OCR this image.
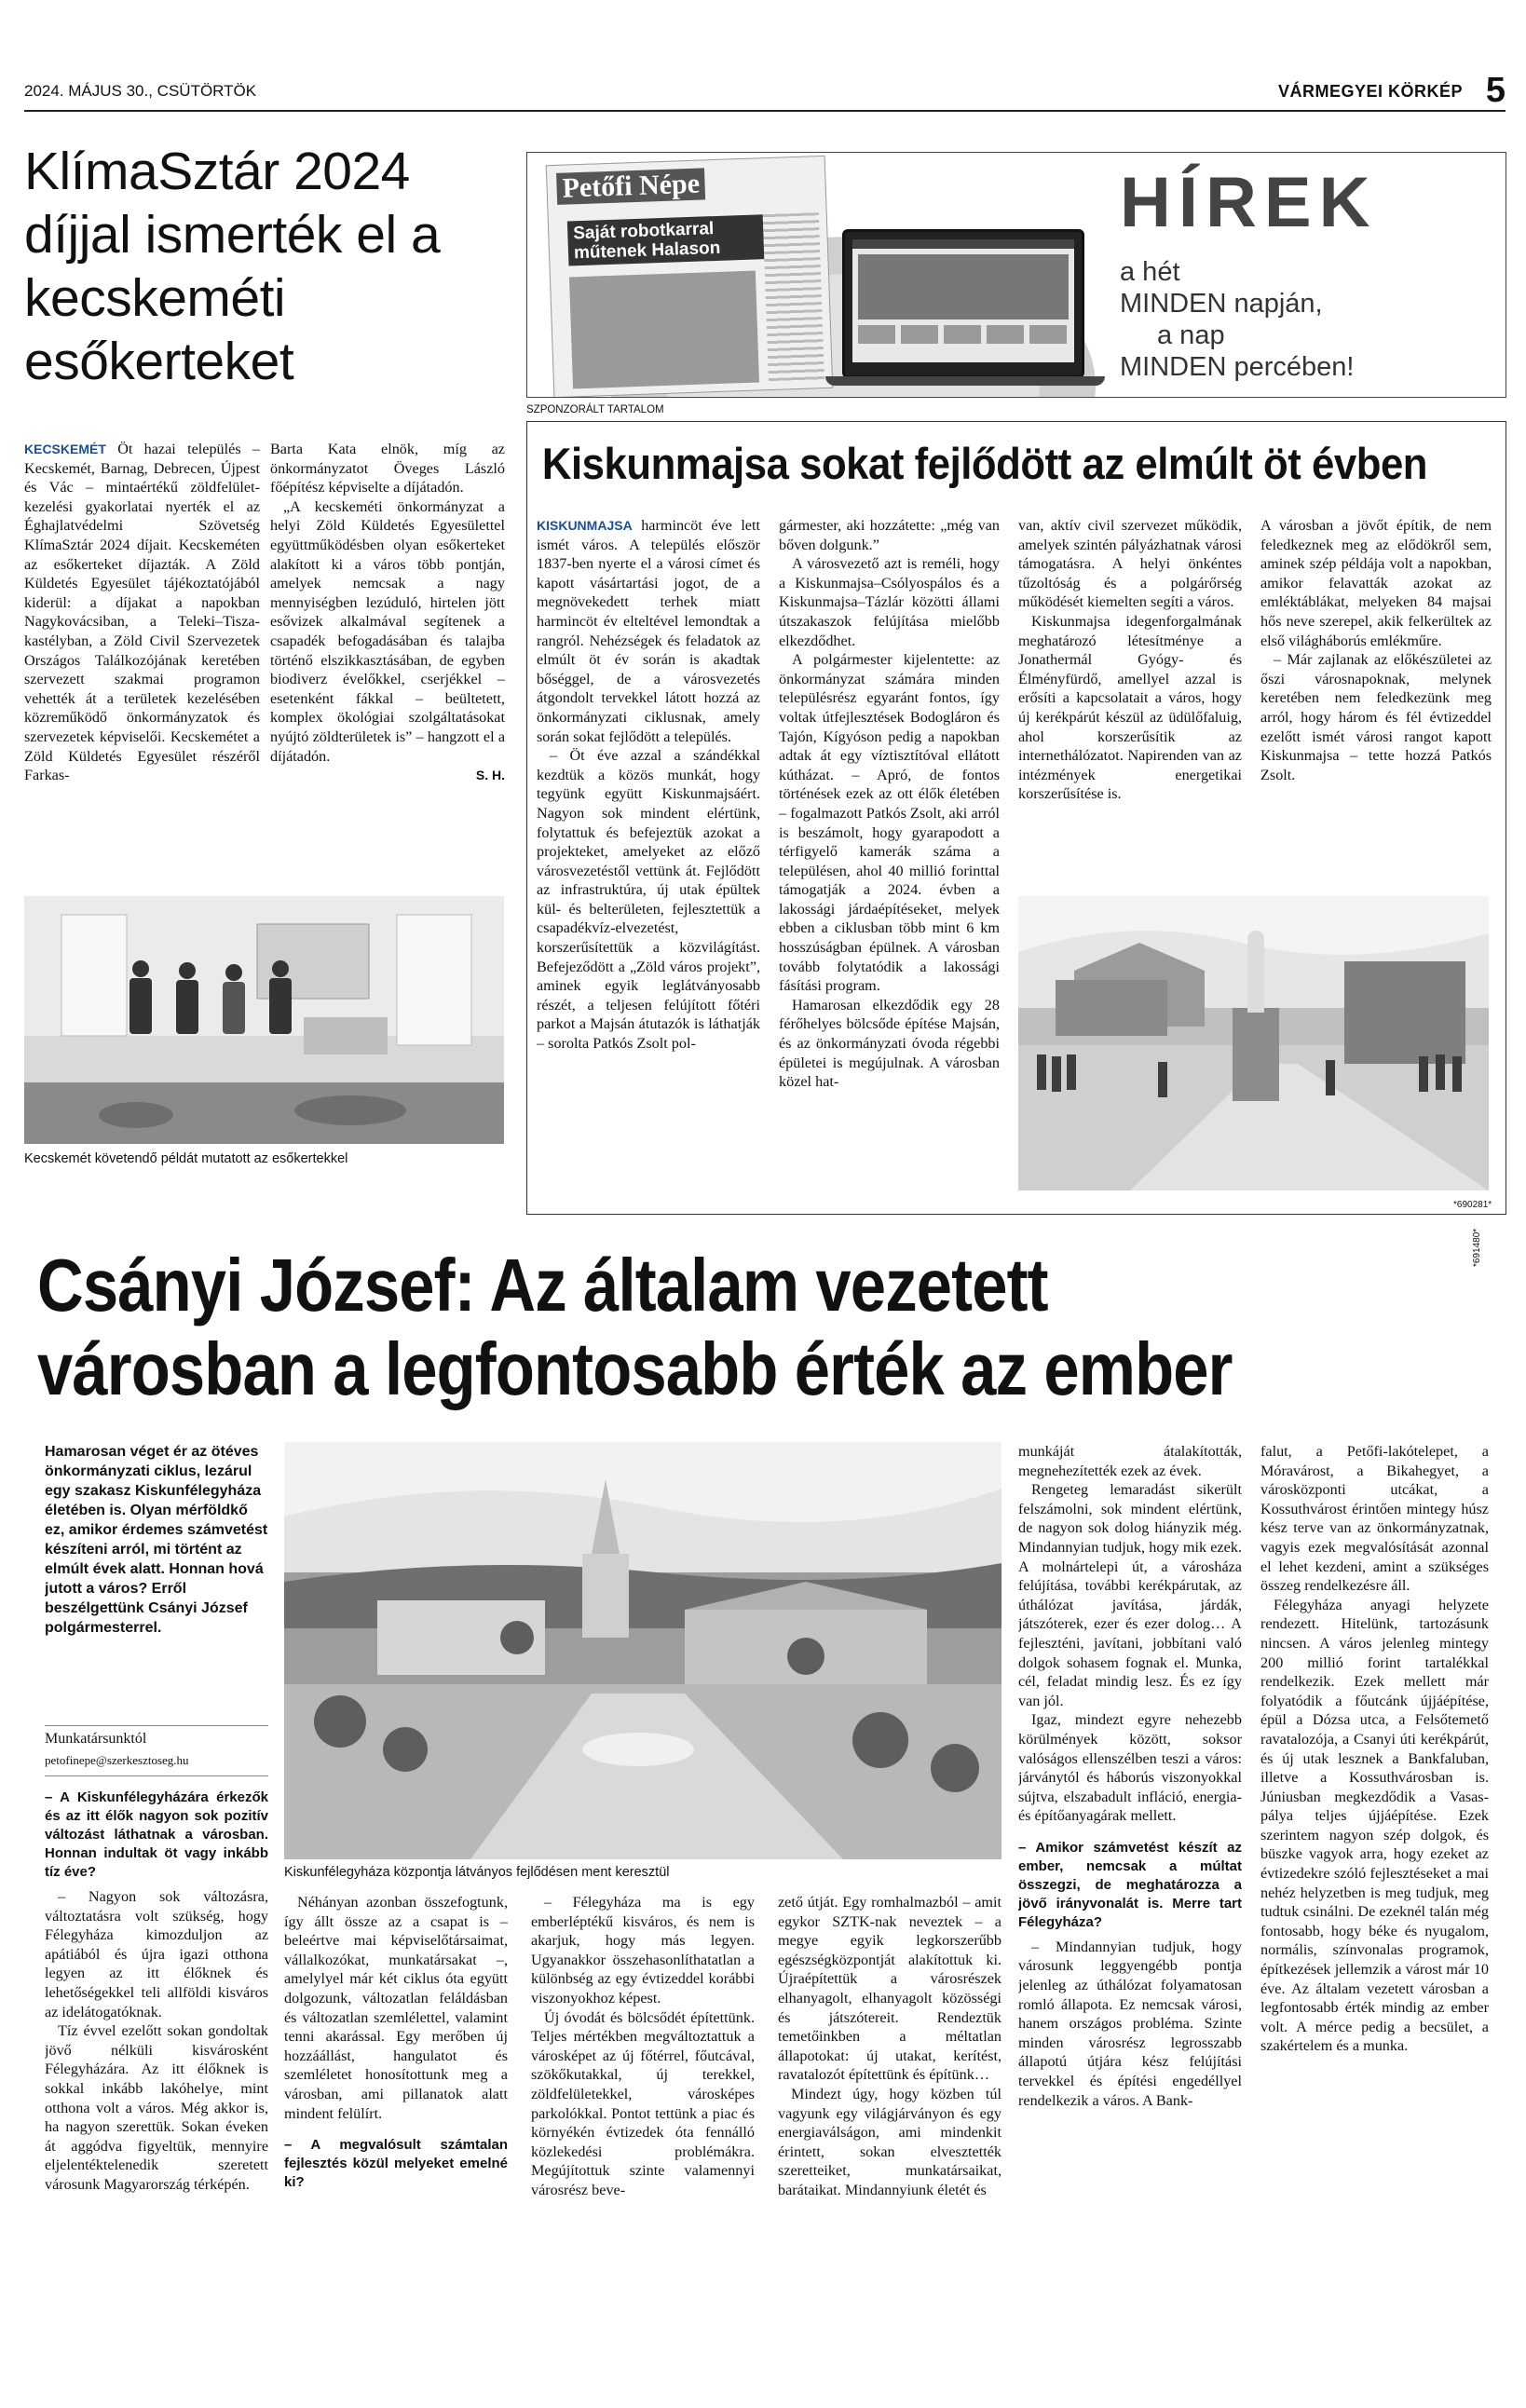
2024. MÁJUS 30., CSÜTÖRTÖK	VÁRMEGYEI KÖRKÉP 5
KlímaSztár 2024 díjjal ismerték el a kecskeméti esőkerteket

KECSKEMÉT Öt hazai település – Kecskemét, Barnag, Debrecen, Újpest és Vác – mintaértékű zöldfelület-kezelési gyakorlatai nyerték el az Éghajlatvédelmi Szövetség KlímaSztár 2024 díjait. Kecskeméten az esőkerteket díjazták. A Zöld Küldetés Egyesület tájékoztatójából kiderül: a díjakat a napokban Nagykovácsiban, a Teleki–Tisza-kastélyban, a Zöld Civil Szervezetek Országos Találkozójának keretében szervezett szakmai programon vehették át a területek kezelésében közreműködő önkormányzatok és szervezetek képviselői. Kecskemétet a Zöld Küldetés Egyesület részéről Farkas-

Barta Kata elnök, míg az önkormányzatot Öveges László főépítész képviselte a díjátadón.

„A kecskeméti önkormányzat a helyi Zöld Küldetés Egyesülettel együttműködésben olyan esőkerteket alakított ki a város több pontján, amelyek nemcsak a nagy mennyiségben lezúduló, hirtelen jött esővizek alkalmával segítenek a csapadék befogadásában és talajba történő elszikkasztásában, de egyben biodiverz évelőkkel, cserjékkel – esetenként fákkal – beültetett, komplex ökológiai szolgáltatásokat nyújtó zöldterületek is” – hangzott el a díjátadón.

S. H.

Kecskemét követendő példát mutatott az esőkertekkel
Petőfi Népe
Saját robotkarral műtenek Halason
HÍREK
a hét
MINDEN napján,
a nap
MINDEN percében!
SZPONZORÁLT TARTALOM
Kiskunmajsa sokat fejlődött az elmúlt öt évben

KISKUNMAJSA harmincöt éve lett ismét város. A település először 1837-ben nyerte el a városi címet és kapott vásártartási jogot, de a megnövekedett terhek miatt harmincöt év elteltével lemondtak a rangról. Nehézségek és feladatok az elmúlt öt év során is akadtak bőséggel, de a városvezetés átgondolt tervekkel látott hozzá az önkormányzati ciklusnak, amely során sokat fejlődött a település.

– Öt éve azzal a szándékkal kezdtük a közös munkát, hogy tegyünk együtt Kiskunmajsáért. Nagyon sok mindent elértünk, folytattuk és befejeztük azokat a projekteket, amelyeket az előző városvezetéstől vettünk át. Fejlődött az infrastruktúra, új utak épültek kül- és belterületen, fejlesztettük a csapadékvíz-elvezetést, korszerűsítettük a közvilágítást. Befejeződött a „Zöld város projekt”, aminek egyik leglátványosabb részét, a teljesen felújított főtéri parkot a Majsán átutazók is láthatják – sorolta Patkós Zsolt pol-

gármester, aki hozzátette: „még van bőven dolgunk.”

A városvezető azt is reméli, hogy a Kiskunmajsa–Csólyospálos és a Kiskunmajsa–Tázlár közötti állami útszakaszok felújítása mielőbb elkezdődhet.

A polgármester kijelentette: az önkormányzat számára minden településrész egyaránt fontos, így voltak útfejlesztések Bodogláron és Tajón, Kígyóson pedig a napokban adtak át egy víztisztítóval ellátott kútházat. – Apró, de fontos történések ezek az ott élők életében – fogalmazott Patkós Zsolt, aki arról is beszámolt, hogy gyarapodott a térfigyelő kamerák száma a településen, ahol 40 millió forinttal támogatják a 2024. évben a lakossági járdaépítéseket, melyek ebben a ciklusban több mint 6 km hosszúságban épülnek. A városban tovább folytatódik a lakossági fásítási program.

Hamarosan elkezdődik egy 28 férőhelyes bölcsőde építése Majsán, és az önkormányzati óvoda régebbi épületei is megújulnak. A városban közel hat-

van, aktív civil szervezet működik, amelyek szintén pályázhatnak városi támogatásra. A helyi önkéntes tűzoltóság és a polgárőrség működését kiemelten segíti a város.

Kiskunmajsa idegenforgalmának meghatározó létesítménye a Jonathermál Gyógy- és Élményfürdő, amellyel azzal is erősíti a kapcsolatait a város, hogy új kerékpárút készül az üdülőfaluig, ahol korszerűsítik az internethálózatot. Napirenden van az intézmények energetikai korszerűsítése is.

A városban a jövőt építik, de nem feledkeznek meg az elődökről sem, aminek szép példája volt a napokban, amikor felavatták azokat az emléktáblákat, melyeken 84 majsai hős neve szerepel, akik felkerültek az első világháborús emlékműre.

– Már zajlanak az előkészületei az őszi városnapoknak, melynek keretében nem feledkezünk meg arról, hogy három és fél évtizeddel ezelőtt ismét városi rangot kapott Kiskunmajsa – tette hozzá Patkós Zsolt.

*690281*
Csányi József: Az általam vezetett
városban a legfontosabb érték az ember
*691480*
Hamarosan véget ér az ötéves önkormányzati ciklus, lezárul egy szakasz Kiskunfélegyháza életében is. Olyan mérföldkő ez, amikor érdemes számvetést készíteni arról, mi történt az elmúlt évek alatt. Honnan hová jutott a város? Erről beszélgettünk Csányi József polgármesterrel.
Munkatársunktól
petofinepe@szerkesztoseg.hu
Kiskunfélegyháza központja látványos fejlődésen ment keresztül

– A Kiskunfélegyházára érkezők és az itt élők nagyon sok pozitív változást láthatnak a városban. Honnan indultak öt vagy inkább tíz éve?

– Nagyon sok változásra, változtatásra volt szükség, hogy Félegyháza kimozduljon az apátiából és újra igazi otthona legyen az itt élőknek és lehetőségekkel teli allföldi kisváros az idelátogatóknak.

Tíz évvel ezelőtt sokan gondoltak jövő nélküli kisvárosként Félegyházára. Az itt élőknek is sokkal inkább lakóhelye, mint otthona volt a város. Még akkor is, ha nagyon szerettük. Sokan éveken át aggódva figyeltük, mennyire eljelentéktelenedik szeretett városunk Magyarország térképén.

Néhányan azonban összefogtunk, így állt össze az a csapat is – beleértve mai képviselőtársaimat, vállalkozókat, munkatársakat –, amelylyel már két ciklus óta együtt dolgozunk, változatlan feláldásban és változatlan szemlélettel, valamint tenni akarással. Egy merőben új hozzáállást, hangulatot és szemléletet honosítottunk meg a városban, ami pillanatok alatt mindent felülírt.

– A megvalósult számtalan fejlesztés közül melyeket emelné ki?

– Félegyháza ma is egy emberléptékű kisváros, és nem is akarjuk, hogy más legyen. Ugyanakkor összehasonlíthatatlan a különbség az egy évtizeddel korábbi viszonyokhoz képest.

Új óvodát és bölcsődét építettünk. Teljes mértékben megváltoztattuk a városképet az új főtérrel, főutcával, szökőkutakkal, új terekkel, zöldfelületekkel, városképes parkolókkal. Pontot tettünk a piac és környékén évtizedek óta fennálló közlekedési problémákra. Megújítottuk szinte valamennyi városrész beve-

zető útját. Egy romhalmazból – amit egykor SZTK-nak neveztek – a megye egyik legkorszerűbb egészségközpontját alakítottuk ki. Újraépítettük a városrészek elhanyagolt, elhanyagolt közösségi és játszótereit. Rendeztük temetőinkben a méltatlan állapotokat: új utakat, kerítést, ravatalozót építettünk és építünk…

Mindezt úgy, hogy közben túl vagyunk egy világjárványon és egy energiaválságon, ami mindenkit érintett, sokan elvesztették szeretteiket, munkatársaikat, barátaikat. Mindannyiunk életét és

munkáját átalakították, megnehezítették ezek az évek.

Rengeteg lemaradást sikerült felszámolni, sok mindent elértünk, de nagyon sok dolog hiányzik még. Mindannyian tudjuk, hogy mik ezek. A molnártelepi út, a városháza felújítása, további kerékpárutak, az úthálózat javítása, járdák, játszóterek, ezer és ezer dolog… A fejleszténi, javítani, jobbítani való dolgok sohasem fognak el. Munka, cél, feladat mindig lesz. És ez így van jól.

Igaz, mindezt egyre nehezebb körülmények között, soksor valóságos ellenszélben teszi a város: járványtól és háborús viszonyokkal sújtva, elszabadult infláció, energia- és építőanyagárak mellett.

– Amikor számvetést készít az ember, nemcsak a múltat összegzi, de meghatározza a jövő irányvonalát is. Merre tart Félegyháza?

– Mindannyian tudjuk, hogy városunk leggyengébb pontja jelenleg az úthálózat folyamatosan romló állapota. Ez nemcsak városi, hanem országos probléma. Szinte minden városrész legrosszabb állapotú útjára kész felújítási tervekkel és építési engedéllyel rendelkezik a város. A Bank-

falut, a Petőfi-lakótelepet, a Móravárost, a Bikahegyet, a városközponti utcákat, a Kossuthvárost érintően mintegy húsz kész terve van az önkormányzatnak, vagyis ezek megvalósítását azonnal el lehet kezdeni, amint a szükséges összeg rendelkezésre áll.

Félegyháza anyagi helyzete rendezett. Hitelünk, tartozásunk nincsen. A város jelenleg mintegy 200 millió forint tartalékkal rendelkezik. Ezek mellett már folyatódik a főutcánk újjáépítése, épül a Dózsa utca, a Felsőtemető ravatalozója, a Csanyi úti kerékpárút, és új utak lesznek a Bankfaluban, illetve a Kossuthvárosban is. Júniusban megkezdődik a Vasas-pálya teljes újjáépítése. Ezek szerintem nagyon szép dolgok, és büszke vagyok arra, hogy ezeket az évtizedekre szóló fejlesztéseket a mai nehéz helyzetben is meg tudjuk, meg tudtuk csinálni. De ezeknél talán még fontosabb, hogy béke és nyugalom, normális, színvonalas programok, építkezések jellemzik a várost már 10 éve. Az általam vezetett városban a legfontosabb érték mindig az ember volt. A mérce pedig a becsület, a szakértelem és a munka.
